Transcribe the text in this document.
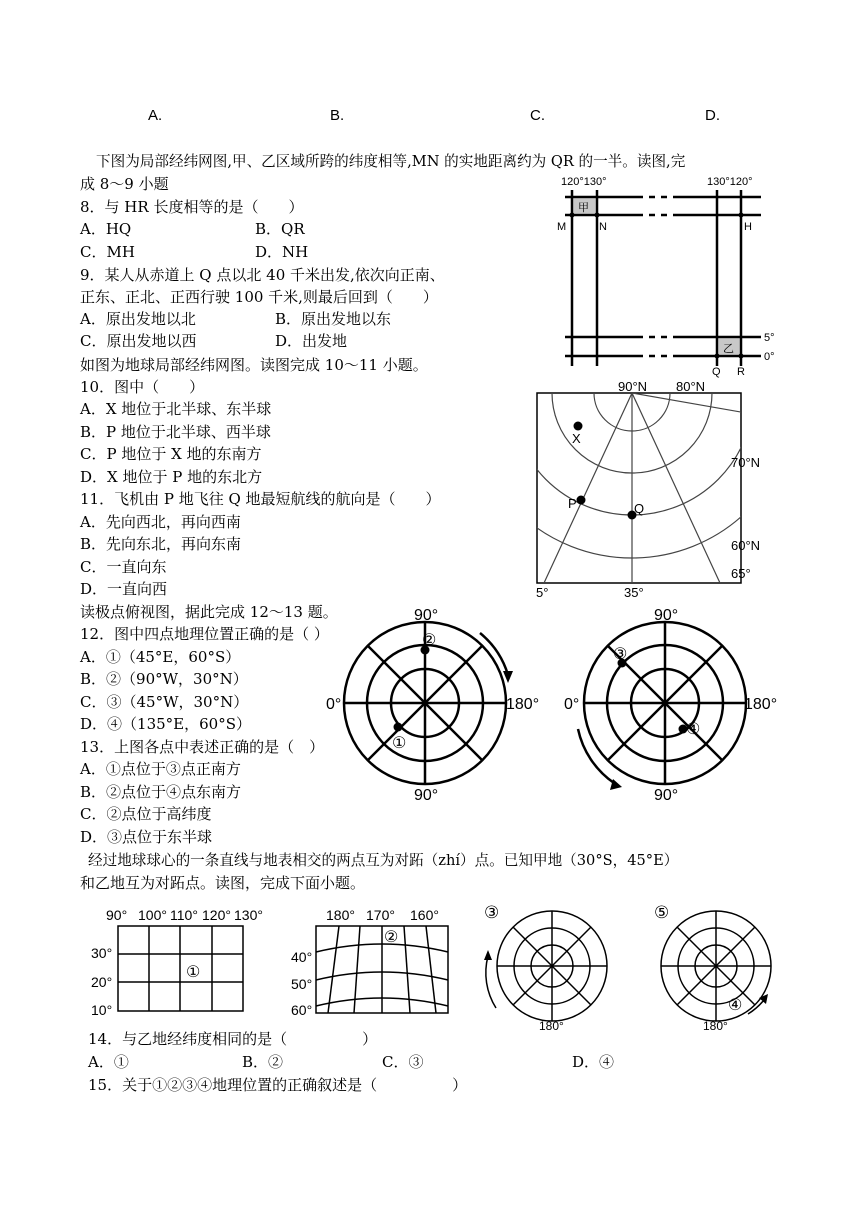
A.	B.	C.	D.
下图为局部经纬网图,甲、乙区域所跨的纬度相等,MN 的实地距离约为 QR 的一半。读图,完
成 8～9 小题
8．与 HR 长度相等的是（　　）
A．HQ	B．QR
C．MH	D．NH
9．某人从赤道上 Q 点以北 40 千米出发,依次向正南、
正东、正北、正西行驶 100 千米,则最后回到（　　）
A．原出发地以北	B．原出发地以东
C．原出发地以西	D．出发地
如图为地球局部经纬网图。读图完成 10～11 小题。
10．图中（　　）
A．X 地位于北半球、东半球
B．P 地位于北半球、西半球
C．P 地位于 X 地的东南方
D．X 地位于 P 地的东北方
11．飞机由 P 地飞往 Q 地最短航线的航向是（　　）
A．先向西北，再向西南
B．先向东北，再向东南
C．一直向东
D．一直向西
读极点俯视图，据此完成 12～13 题。
12．图中四点地理位置正确的是（ ）
A．①（45°E，60°S）
B．②（90°W，30°N）
C．③（45°W，30°N）
D．④（135°E，60°S）
13．上图各点中表述正确的是（　）
A．①点位于③点正南方
B．②点位于④点东南方
C．②点位于高纬度
D．③点位于东半球
经过地球球心的一条直线与地表相交的两点互为对跖（zhí）点。已知甲地（30°S，45°E）
和乙地互为对跖点。读图，完成下面小题。
14．与乙地经纬度相同的是（　　　　　）
A．①	B．②	C．③	D．④
15．关于①②③④地理位置的正确叙述是（　　　　　）
120°130°	130°120°
甲
乙
M	N	H
Q R
5°
0°
90°N 80°N
70°N
60°N
65°
5°	35°
X
P	Q
90°
90°
0°	180°
②
①
90°
90°
0°	180°
③
④
90° 100° 110° 120° 130°
30°
20°
10°
①
180° 170° 160°
40°
50°
60°
②
③
180°
⑤
④
180°
